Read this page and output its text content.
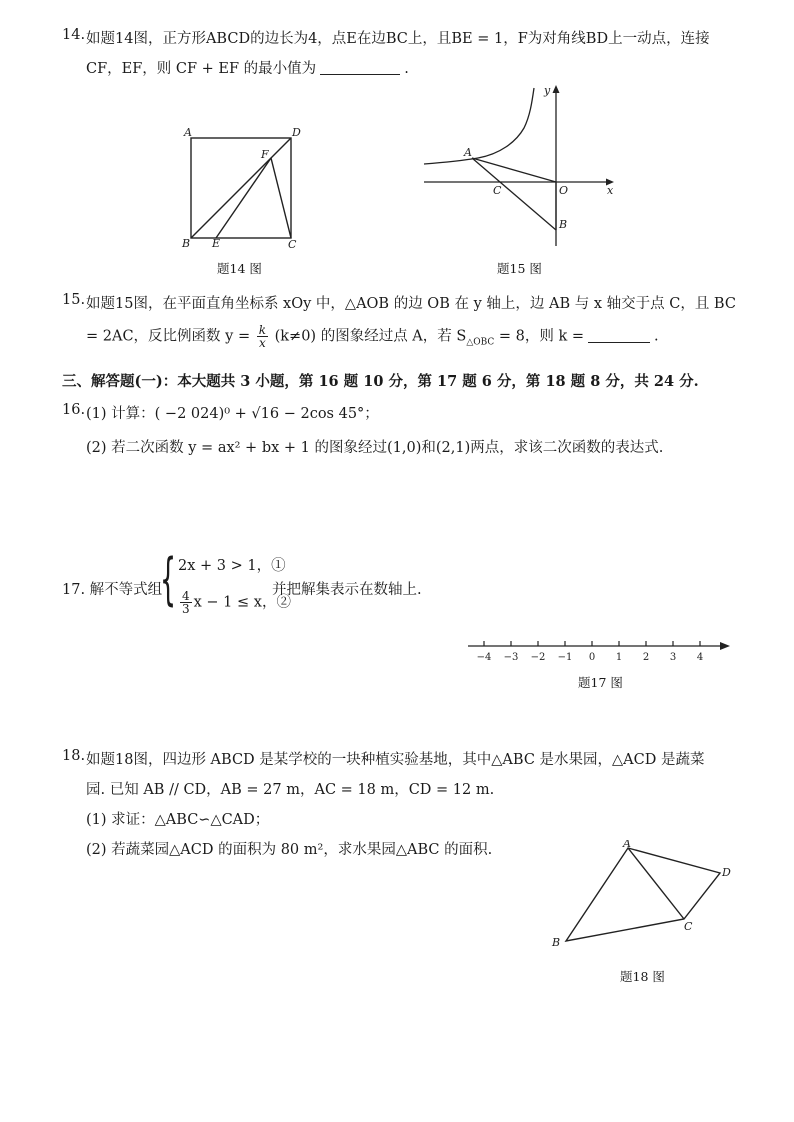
14. 如题14图，正方形ABCD的边长为4，点E在边BC上，且BE = 1，F为对角线BD上一动点，连接
CF，EF，则 CF + EF 的最小值为	.
A	D
B E	C
F
题14 图
A
C	O	x
y
B
题15 图
15. 如题15图，在平面直角坐标系 xOy 中，△AOB 的边 OB 在 y 轴上，边 AB 与 x 轴交于点 C，且 BC
= 2AC，反比例函数 $y = \frac{k}{x} (k\ne 0)$ 的图象经过点 A，若 $S_{\triangle OBC} = 8$，则 k =	.
三、解答题(一)：本大题共 3 小题，第 16 题 10 分，第 17 题 6 分，第 18 题 8 分，共 24 分.
16. (1) 计算：( −2 024)⁰ + √16 − 2cos 45°；
(2) 若二次函数 y = ax² + bx + 1 的图象经过(1,0)和(2,1)两点，求该二次函数的表达式.
17. 解不等式组
{ 2x + 3 > 1，①
$\frac{4}{3}$ x − 1 ≤ x，②
并把解集表示在数轴上.
−4 −3 −2 −1 0 1 2 3 4
题17 图
18. 如题18图，四边形 ABCD 是某学校的一块种植实验基地，其中△ABC 是水果园，△ACD 是蔬菜
园. 已知 AB // CD，AB = 27 m，AC = 18 m，CD = 12 m.
(1) 求证：△ABC∽△CAD；
(2) 若蔬菜园△ACD 的面积为 80 m²，求水果园△ABC 的面积.	A
D
C
B
题18 图
